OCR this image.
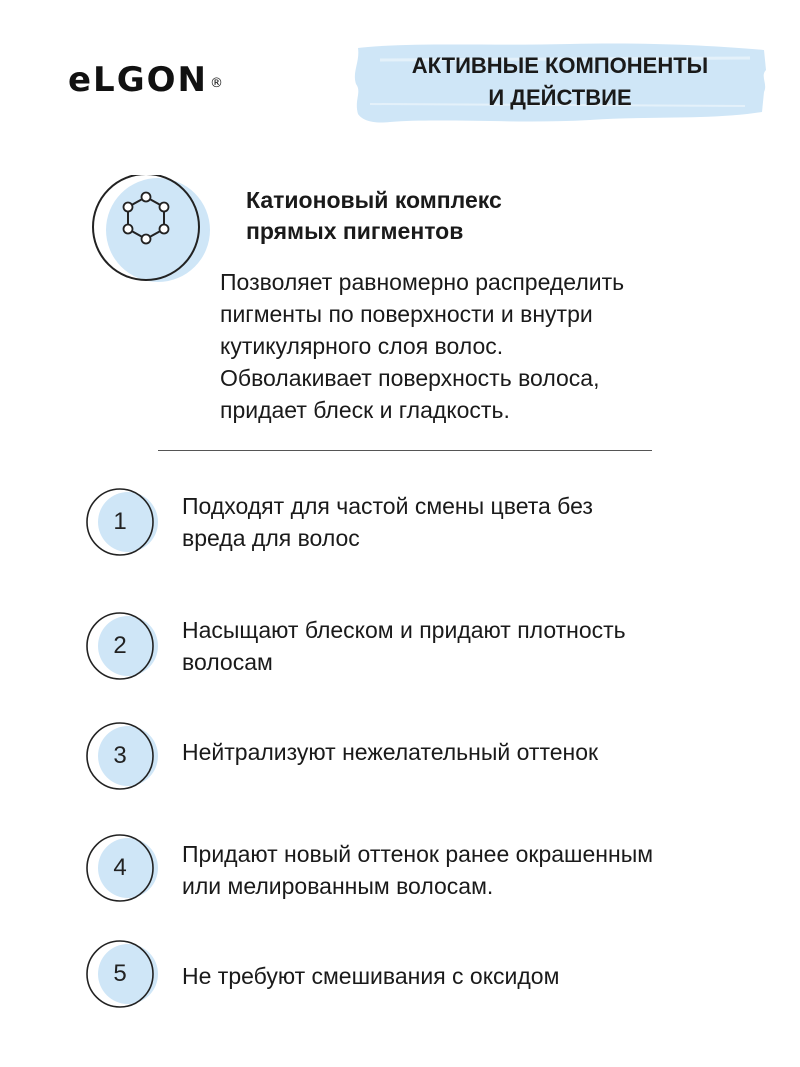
eLGON ®
АКТИВНЫЕ КОМПОНЕНТЫ
И ДЕЙСТВИЕ
Катионовый комплекс
прямых пигментов
Позволяет равномерно распределить
пигменты по поверхности и внутри
кутикулярного слоя волос.
Обволакивает поверхность волоса,
придает блеск и гладкость.
1
Подходят для частой смены цвета без
вреда для волос
2
Насыщают блеском и придают плотность
волосам
3	Нейтрализуют нежелательный оттенок
4	Придают новый оттенок ранее окрашенным
или мелированным волосам.
5	Не требуют смешивания с оксидом
